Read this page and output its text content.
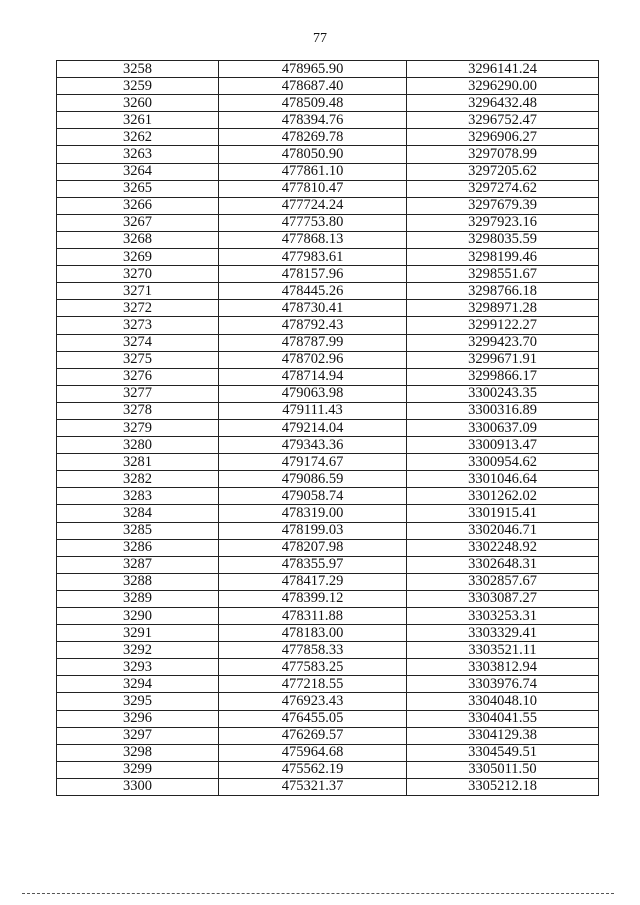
77
3258	478965.90	3296141.24
3259	478687.40	3296290.00
3260	478509.48	3296432.48
3261	478394.76	3296752.47
3262	478269.78	3296906.27
3263	478050.90	3297078.99
3264	477861.10	3297205.62
3265	477810.47	3297274.62
3266	477724.24	3297679.39
3267	477753.80	3297923.16
3268	477868.13	3298035.59
3269	477983.61	3298199.46
3270	478157.96	3298551.67
3271	478445.26	3298766.18
3272	478730.41	3298971.28
3273	478792.43	3299122.27
3274	478787.99	3299423.70
3275	478702.96	3299671.91
3276	478714.94	3299866.17
3277	479063.98	3300243.35
3278	479111.43	3300316.89
3279	479214.04	3300637.09
3280	479343.36	3300913.47
3281	479174.67	3300954.62
3282	479086.59	3301046.64
3283	479058.74	3301262.02
3284	478319.00	3301915.41
3285	478199.03	3302046.71
3286	478207.98	3302248.92
3287	478355.97	3302648.31
3288	478417.29	3302857.67
3289	478399.12	3303087.27
3290	478311.88	3303253.31
3291	478183.00	3303329.41
3292	477858.33	3303521.11
3293	477583.25	3303812.94
3294	477218.55	3303976.74
3295	476923.43	3304048.10
3296	476455.05	3304041.55
3297	476269.57	3304129.38
3298	475964.68	3304549.51
3299	475562.19	3305011.50
3300	475321.37	3305212.18
